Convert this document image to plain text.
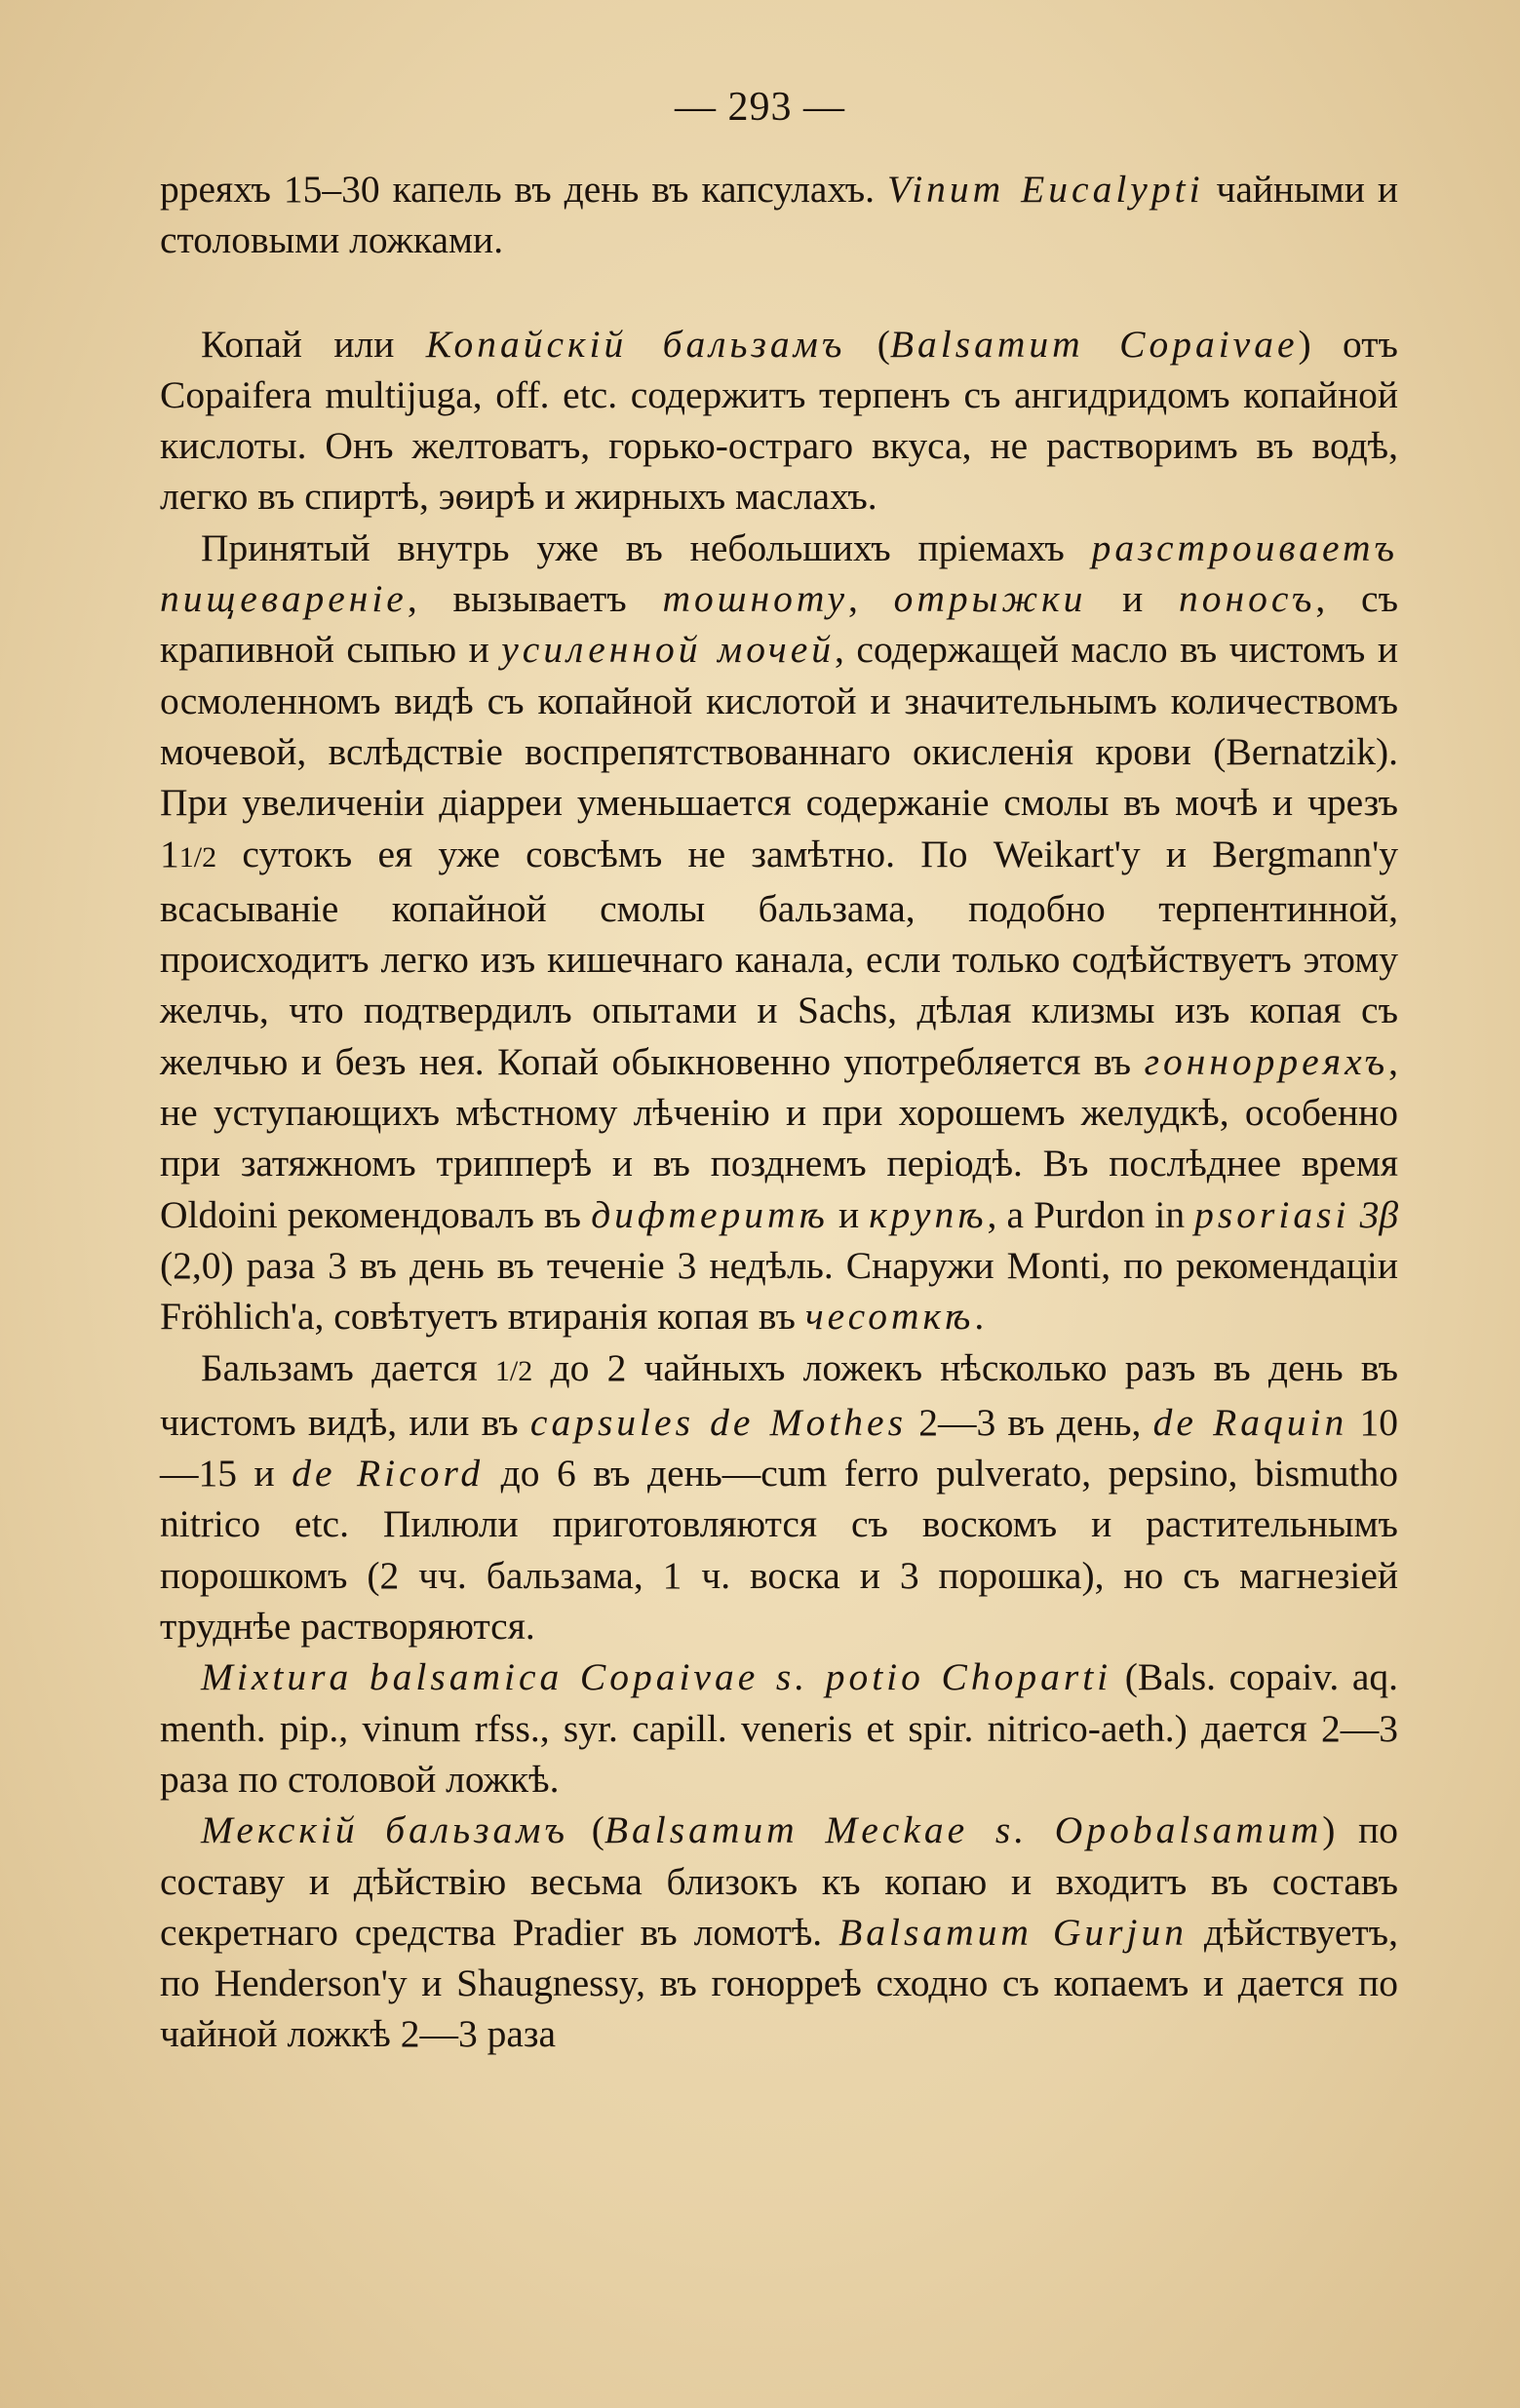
— 293 —

рреяхъ 15–30 капель въ день въ капсулахъ. Vinum Eucalypti чайными и столовыми ложками.

Копай или Копайскій бальзамъ (Balsamum Copaivae) отъ Copaifera multijuga, off. etc. содержитъ терпенъ съ ангидридомъ копайной кислоты. Онъ желтоватъ, горько-остраго вкуса, не растворимъ въ водѣ, легко въ спиртѣ, эѳирѣ и жирныхъ маслахъ.

Принятый внутрь уже въ небольшихъ пріемахъ разстроиваетъ пищевареніе, вызываетъ тошноту, отрыжки и поносъ, съ крапивной сыпью и усиленной мочей, содержащей масло въ чистомъ и осмоленномъ видѣ съ копайной кислотой и значительнымъ количествомъ мочевой, вслѣдствіе воспрепятствованнаго окисленія крови (Bernatzik). При увеличеніи діарреи уменьшается содержаніе смолы въ мочѣ и чрезъ 11/2 сутокъ ея уже совсѣмъ не замѣтно. По Weikart'у и Bergmann'у всасываніе копайной смолы бальзама, подобно терпентинной, происходитъ легко изъ кишечнаго канала, если только содѣйствуетъ этому желчь, что подтвердилъ опытами и Sachs, дѣлая клизмы изъ копая съ желчью и безъ нея. Копай обыкновенно употребляется въ гоннорреяхъ, не уступающихъ мѣстному лѣченію и при хорошемъ желудкѣ, особенно при затяжномъ трипперѣ и въ позднемъ періодѣ. Въ послѣднее время Oldoini рекомендовалъ въ дифтеритѣ и крупѣ, а Purdon in psoriasi 3β (2,0) раза 3 въ день въ теченіе 3 недѣль. Снаружи Monti, по рекомендаціи Fröhlich'а, совѣтуетъ втиранія копая въ чесоткѣ.

Бальзамъ дается 1/2 до 2 чайныхъ ложекъ нѣсколько разъ въ день въ чистомъ видѣ, или въ capsules de Mothes 2—3 въ день, de Raquin 10—15 и de Ricord до 6 въ день—cum ferro pulverato, pepsino, bismutho nitrico etc. Пилюли приготовляются съ воскомъ и растительнымъ порошкомъ (2 чч. бальзама, 1 ч. воска и 3 порошка), но съ магнезіей труднѣе растворяются.

Mixtura balsamica Copaivae s. potio Choparti (Bals. copaiv. aq. menth. pip., vinum rfss., syr. capill. veneris et spir. nitrico-aeth.) дается 2—3 раза по столовой ложкѣ.

Мекскій бальзамъ (Balsamum Meckae s. Opobalsamum) по составу и дѣйствію весьма близокъ къ копаю и входитъ въ составъ секретнаго средства Pradier въ ломотѣ. Balsamum Gurjun дѣйствуетъ, по Henderson'у и Shaugnessy, въ гонорреѣ сходно съ копаемъ и дается по чайной ложкѣ 2—3 раза
